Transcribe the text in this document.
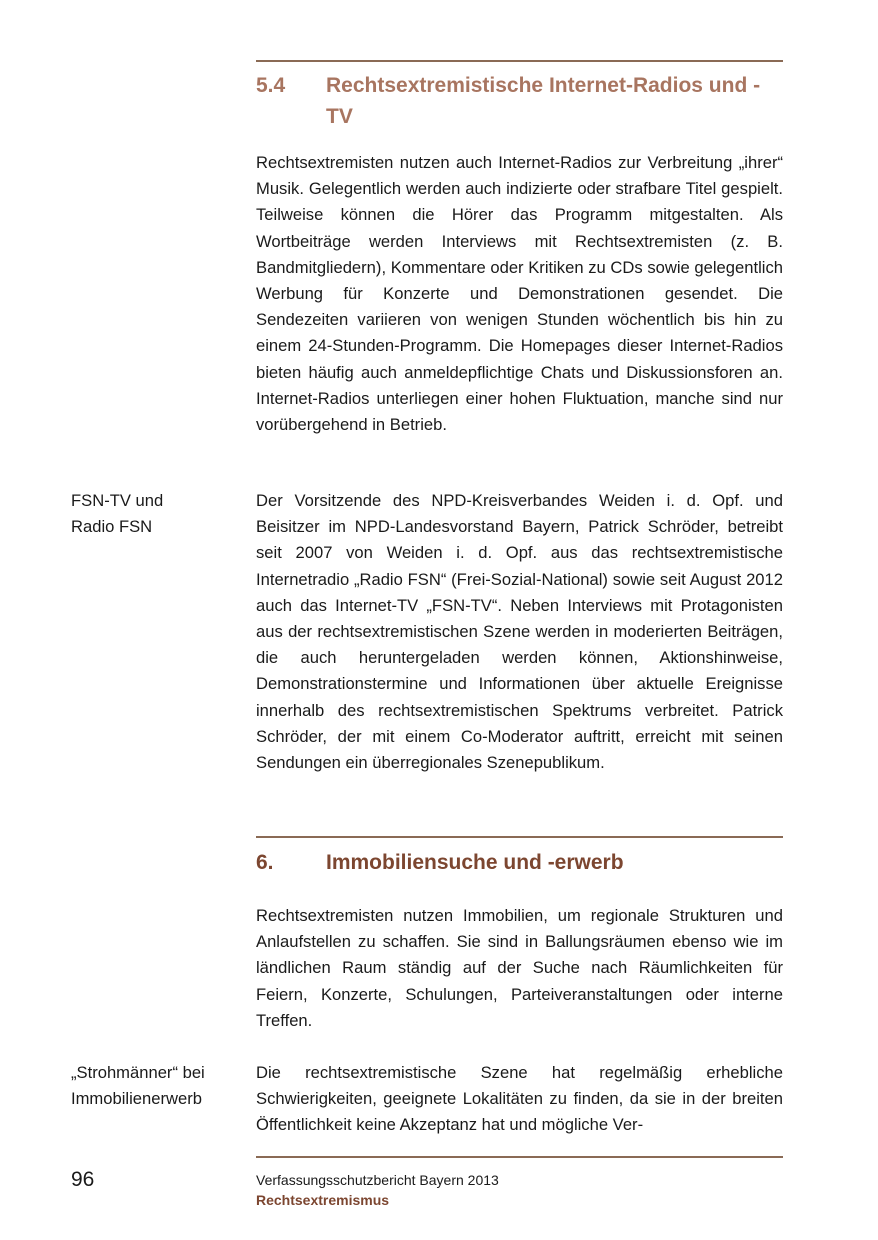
5.4 Rechtsextremistische Internet-Radios und -TV

Rechtsextremisten nutzen auch Internet-Radios zur Verbreitung „ihrer“ Musik. Gelegentlich werden auch indizierte oder strafbare Titel gespielt. Teilweise können die Hörer das Programm mitgestalten. Als Wortbeiträge werden Interviews mit Rechtsextremisten (z. B. Bandmitgliedern), Kommentare oder Kritiken zu CDs sowie gelegentlich Werbung für Konzerte und Demonstrationen gesendet. Die Sendezeiten variieren von wenigen Stunden wöchentlich bis hin zu einem 24-Stunden-Programm. Die Homepages dieser Internet-Radios bieten häufig auch anmeldepflichtige Chats und Diskussionsforen an. Internet-Radios unterliegen einer hohen Fluktuation, manche sind nur vorübergehend in Betrieb.

FSN-TV und Radio FSN

Der Vorsitzende des NPD-Kreisverbandes Weiden i. d. Opf. und Beisitzer im NPD-Landesvorstand Bayern, Patrick Schröder, betreibt seit 2007 von Weiden i. d. Opf. aus das rechtsextremistische Internetradio „Radio FSN“ (Frei-Sozial-National) sowie seit August 2012 auch das Internet-TV „FSN-TV“. Neben Interviews mit Protagonisten aus der rechtsextremistischen Szene werden in moderierten Beiträgen, die auch heruntergeladen werden können, Aktionshinweise, Demonstrationstermine und Informationen über aktuelle Ereignisse innerhalb des rechtsextremistischen Spektrums verbreitet. Patrick Schröder, der mit einem Co-Moderator auftritt, erreicht mit seinen Sendungen ein überregionales Szenepublikum.

6. Immobiliensuche und -erwerb

Rechtsextremisten nutzen Immobilien, um regionale Strukturen und Anlaufstellen zu schaffen. Sie sind in Ballungsräumen ebenso wie im ländlichen Raum ständig auf der Suche nach Räumlichkeiten für Feiern, Konzerte, Schulungen, Parteiveranstaltungen oder interne Treffen.

„Strohmänner“ bei Immobilienerwerb

Die rechtsextremistische Szene hat regelmäßig erhebliche Schwierigkeiten, geeignete Lokalitäten zu finden, da sie in der breiten Öffentlichkeit keine Akzeptanz hat und mögliche Ver-

96	Verfassungsschutzbericht Bayern 2013
Rechtsextremismus
